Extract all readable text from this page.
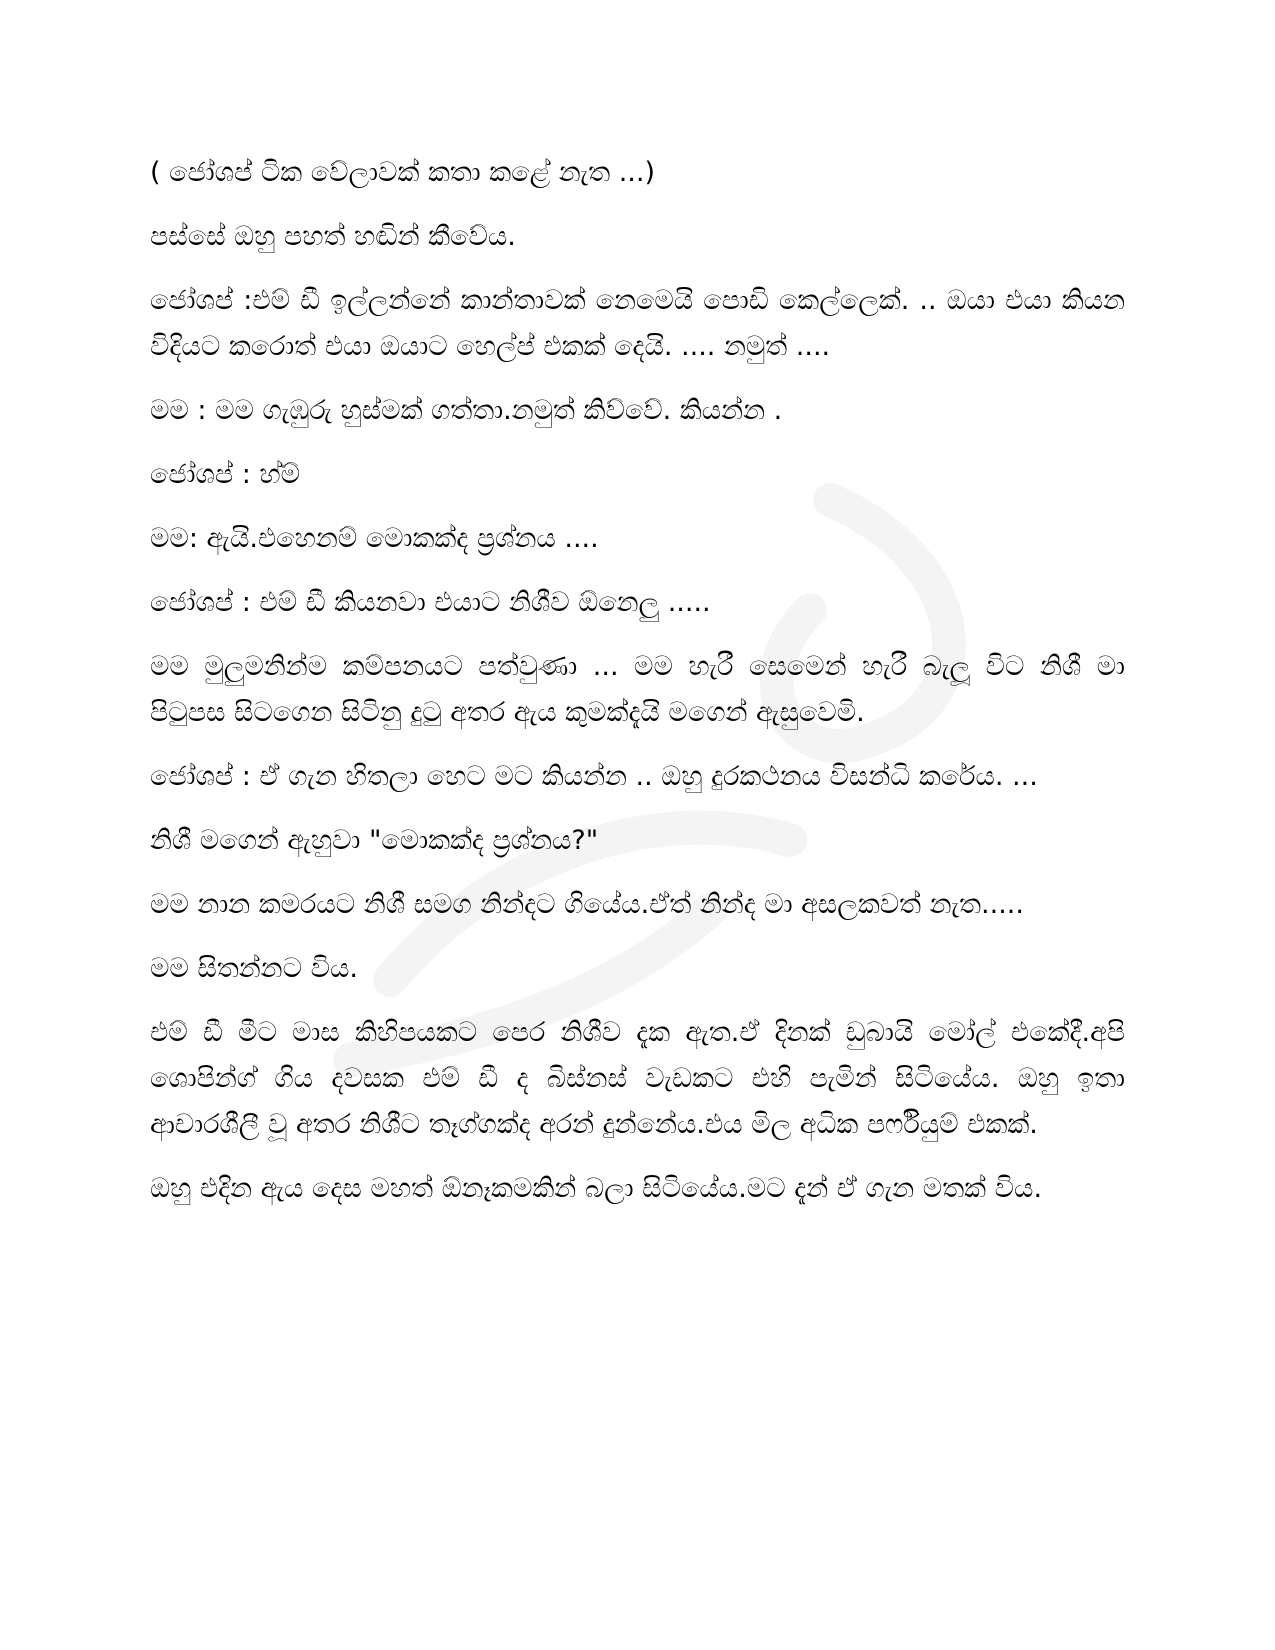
( ජෝශප් ටික වේලාවක් කතා කළේ නැත ...)

පස්සේ ඔහු පහත් හඬින් කීවේය.

ජෝශප් :එම් ඩී ඉල්ලන්නේ කාන්තාවක් නෙමෙයි පොඩි කෙල්ලෙක්. .. ඔයා එයා කියන විදියට කරොත් එයා ඔයාට හෙල්ප් එකක් දෙයි. .... නමුත් ....

මම : මම ගැඹුරු හුස්මක් ගත්තා.නමුත් කිව්වේ. කියන්න .

ජෝශප් : හ්ම්

මම: ඇයි.එහෙනම් මොකක්ද ප්‍රශ්නය ....

ජෝශප් : එම් ඩී කියනවා එයාට නිශීව ඕනෙලු .....

මම මුලුමනින්ම කම්පනයට පත්වුණා ... මම හැරී සෙමෙන් හැරී බැලූ විට නිශී මා පිටුපස සිටගෙන සිටිනු දුටු අතර ඇය කුමක්දැයි මගෙන් ඇසුවෙමි.

ජෝශප් : ඒ ගැන හිතලා හෙට මට කියන්න .. ඔහු දුරකථනය විසන්ධි කරේය. ...

නිශී මගෙන් ඇහුවා "මොකක්ද ප්‍රශ්නය?"

මම නාන කමරයට නිශී සමග නින්දට ගියේය.ඒත් නින්ද මා අසලකවත් නැත.....

මම සිතන්නට විය.

එම් ඩී මීට මාස කිහිපයකට පෙර නිශීව දැක ඇත.ඒ දිනක් ඩුබායි මෝල් එකේදී.අපි ශොපින්ග් ගිය දවසක එම් ඩී ද බිස්නස් වැඩකට එහි පැමින් සිටියේය. ඔහු ඉතා ආචාරශීලී වූ අතර නිශීට තෑග්ගක්ද අරන් දුන්නේය.එය මිල අධික පර්ෆියුම් එකක්.

ඔහු එදින ඇය දෙස මහත් ඕනෑකමකින් බලා සිටියේය.මට දැන් ඒ ගැන මතක් විය.
